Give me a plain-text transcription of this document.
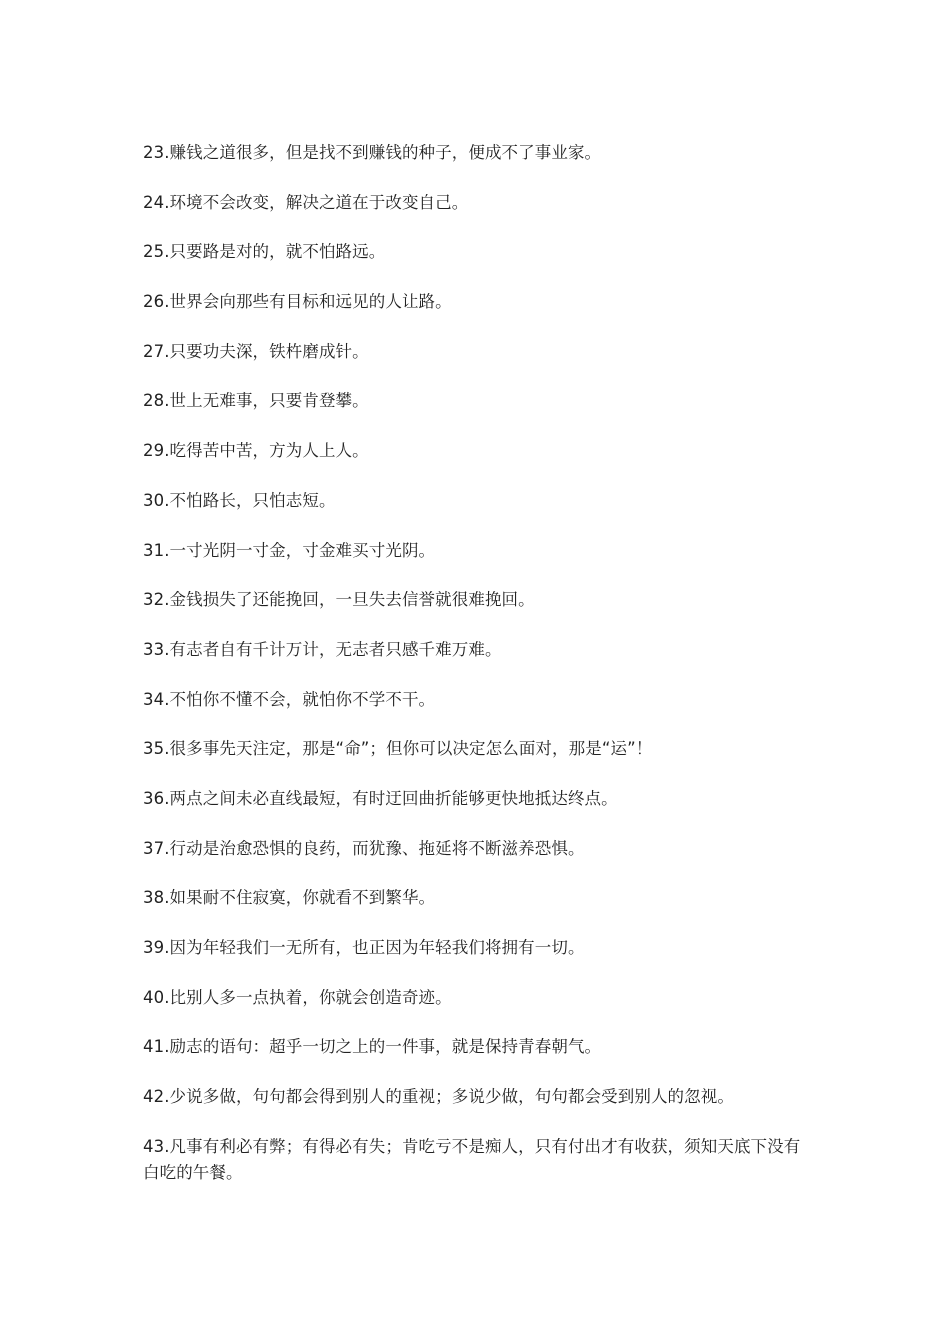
23.赚钱之道很多，但是找不到赚钱的种子，便成不了事业家。

24.环境不会改变，解决之道在于改变自己。

25.只要路是对的，就不怕路远。

26.世界会向那些有目标和远见的人让路。

27.只要功夫深，铁杵磨成针。

28.世上无难事，只要肯登攀。

29.吃得苦中苦，方为人上人。

30.不怕路长，只怕志短。

31.一寸光阴一寸金，寸金难买寸光阴。

32.金钱损失了还能挽回，一旦失去信誉就很难挽回。

33.有志者自有千计万计，无志者只感千难万难。

34.不怕你不懂不会，就怕你不学不干。

35.很多事先天注定，那是“命”；但你可以决定怎么面对，那是“运”！

36.两点之间未必直线最短，有时迂回曲折能够更快地抵达终点。

37.行动是治愈恐惧的良药，而犹豫、拖延将不断滋养恐惧。

38.如果耐不住寂寞，你就看不到繁华。

39.因为年轻我们一无所有，也正因为年轻我们将拥有一切。

40.比别人多一点执着，你就会创造奇迹。

41.励志的语句：超乎一切之上的一件事，就是保持青春朝气。

42.少说多做，句句都会得到别人的重视；多说少做，句句都会受到别人的忽视。

43.凡事有利必有弊；有得必有失；肯吃亏不是痴人，只有付出才有收获，须知天底下没有白吃的午餐。
